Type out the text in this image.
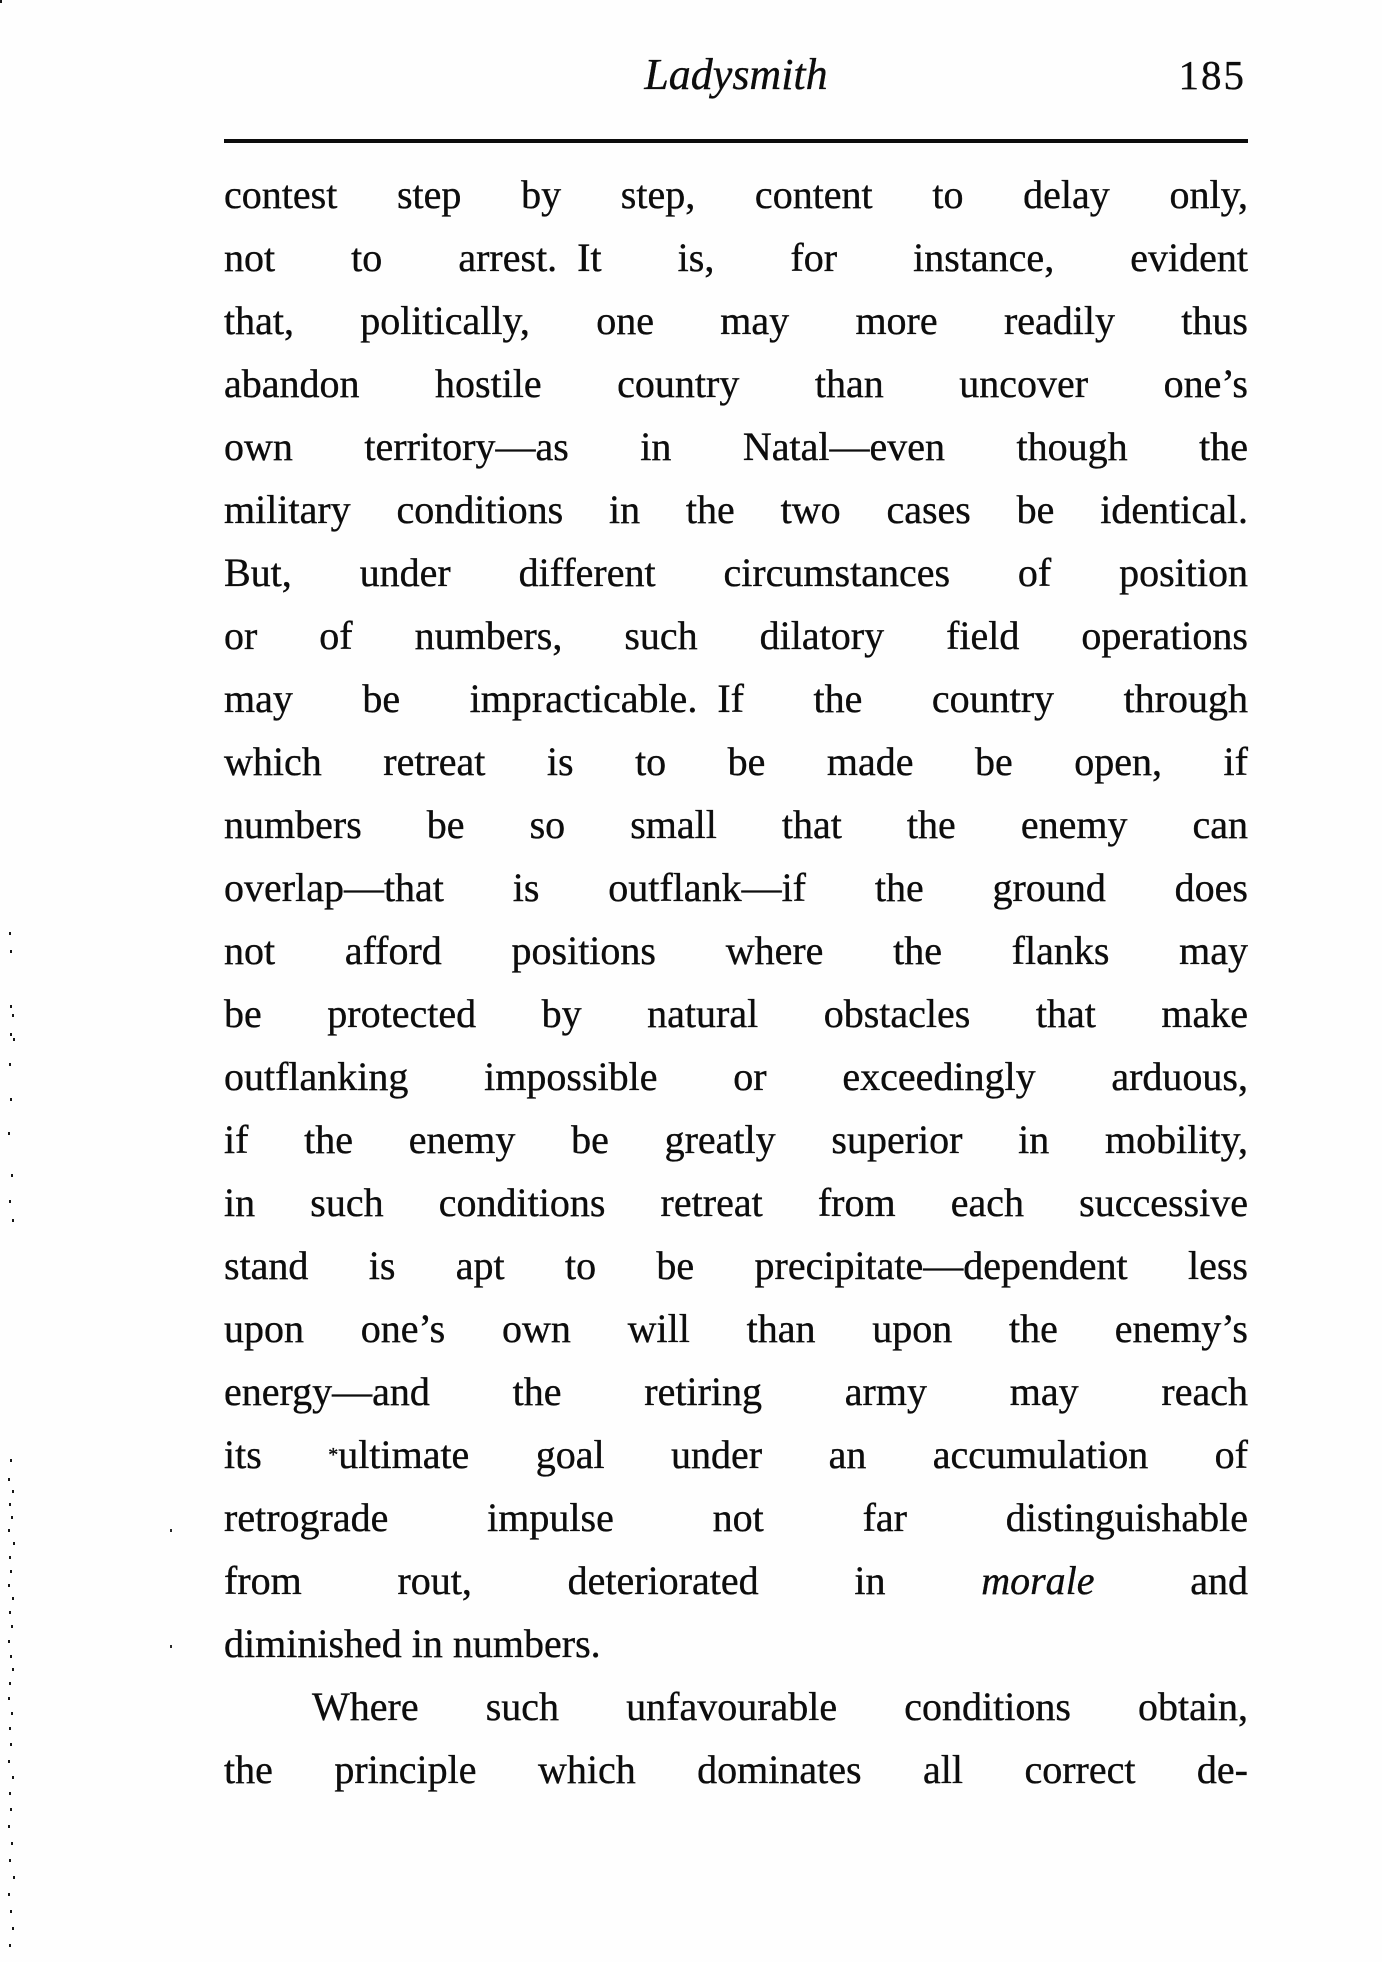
Ladysmith	185
contest step by step, content to delay only,
not to arrest. It is, for instance, evident
that, politically, one may more readily thus
abandon hostile country than uncover one’s
own territory—as in Natal—even though the
military conditions in the two cases be identical.
But, under different circumstances of position
or of numbers, such dilatory field operations
may be impracticable. If the country through
which retreat is to be made be open, if
numbers be so small that the enemy can
overlap—that is outflank—if the ground does
not afford positions where the flanks may
be protected by natural obstacles that make
outflanking impossible or exceedingly arduous,
if the enemy be greatly superior in mobility,
in such conditions retreat from each successive
stand is apt to be precipitate—dependent less
upon one’s own will than upon the enemy’s
energy—and the retiring army may reach
its *ultimate goal under an accumulation of
retrograde impulse not far distinguishable
from rout, deteriorated in morale and
diminished in numbers.
Where such unfavourable conditions obtain,
the principle which dominates all correct de-
